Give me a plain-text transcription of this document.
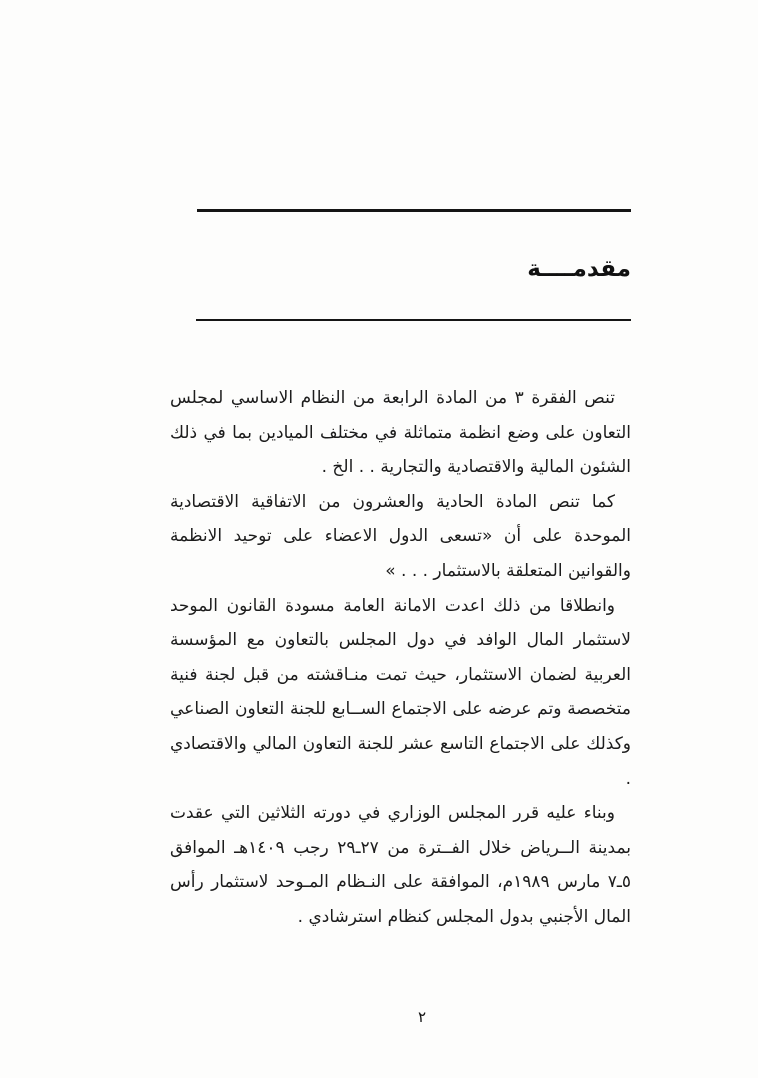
مقدمــــة

تنص الفقرة ٣ من المادة الرابعة من النظام الاساسي لمجلس التعاون على وضع انظمة متماثلة في مختلف الميادين بما في ذلك الشئون المالية والاقتصادية والتجارية . . الخ .

كما تنص المادة الحادية والعشرون من الاتفاقية الاقتصادية الموحدة على أن «تسعى الدول الاعضاء على توحيد الانظمة والقوانين المتعلقة بالاستثمار . . . »

وانطلاقا من ذلك اعدت الامانة العامة مسودة القانون الموحد لاستثمار المال الوافد في دول المجلس بالتعاون مع المؤسسة العربية لضمان الاستثمار، حيث تمت منـاقشته من قبل لجنة فنية متخصصة وتم عرضه على الاجتماع الســابع للجنة التعاون الصناعي وكذلك على الاجتماع التاسع عشر للجنة التعاون المالي والاقتصادي .

وبناء عليه قرر المجلس الوزاري في دورته الثلاثين التي عقدت بمدينة الــرياض خلال الفــترة من ٢٧ـ٢٩ رجب ١٤٠٩هـ الموافق ٥ـ٧ مارس ١٩٨٩م، الموافقة على النـظام المـوحد لاستثمار رأس المال الأجنبي بدول المجلس كنظام استرشادي .

٢
